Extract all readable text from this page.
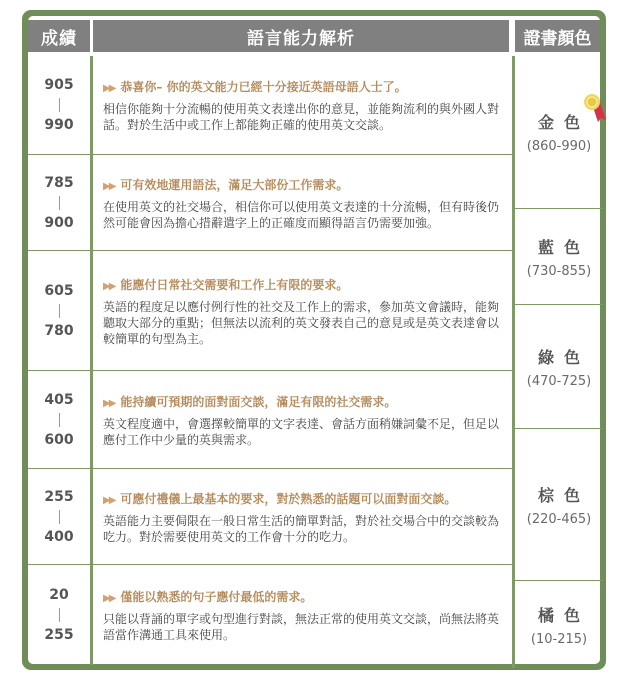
成績	語言能力解析	證書顏色
905
990
▶▶ 恭喜你– 你的英文能力已經十分接近英語母語人士了。
相信你能夠十分流暢的使用英文表達出你的意見，並能夠流利的與外國人對話。對於生活中或工作上都能夠正確的使用英文交談。
785
900
▶▶ 可有效地運用語法，滿足大部份工作需求。
在使用英文的社交場合，相信你可以使用英文表達的十分流暢，但有時後仍然可能會因為擔心措辭遣字上的正確度而顯得語言仍需要加強。
605
780
▶▶ 能應付日常社交需要和工作上有限的要求。
英語的程度足以應付例行性的社交及工作上的需求，參加英文會議時，能夠聽取大部分的重點；但無法以流利的英文發表自己的意見或是英文表達會以較簡單的句型為主。
405
600
▶▶ 能持續可預期的面對面交談，滿足有限的社交需求。
英文程度適中，會選擇較簡單的文字表達、會話方面稍嫌詞彙不足，但足以應付工作中少量的英與需求。
255
400
▶▶ 可應付禮儀上最基本的要求，對於熟悉的話題可以面對面交談。
英語能力主要侷限在一般日常生活的簡單對話，對於社交場合中的交談較為吃力。對於需要使用英文的工作會十分的吃力。
20
255
▶▶ 僅能以熟悉的句子應付最低的需求。
只能以背誦的單字或句型進行對談，無法正常的使用英文交談，尚無法將英語當作溝通工具來使用。
金色
(860-990)
藍色
(730-855)
綠色
(470-725)
棕色
(220-465)
橘色
(10-215)
